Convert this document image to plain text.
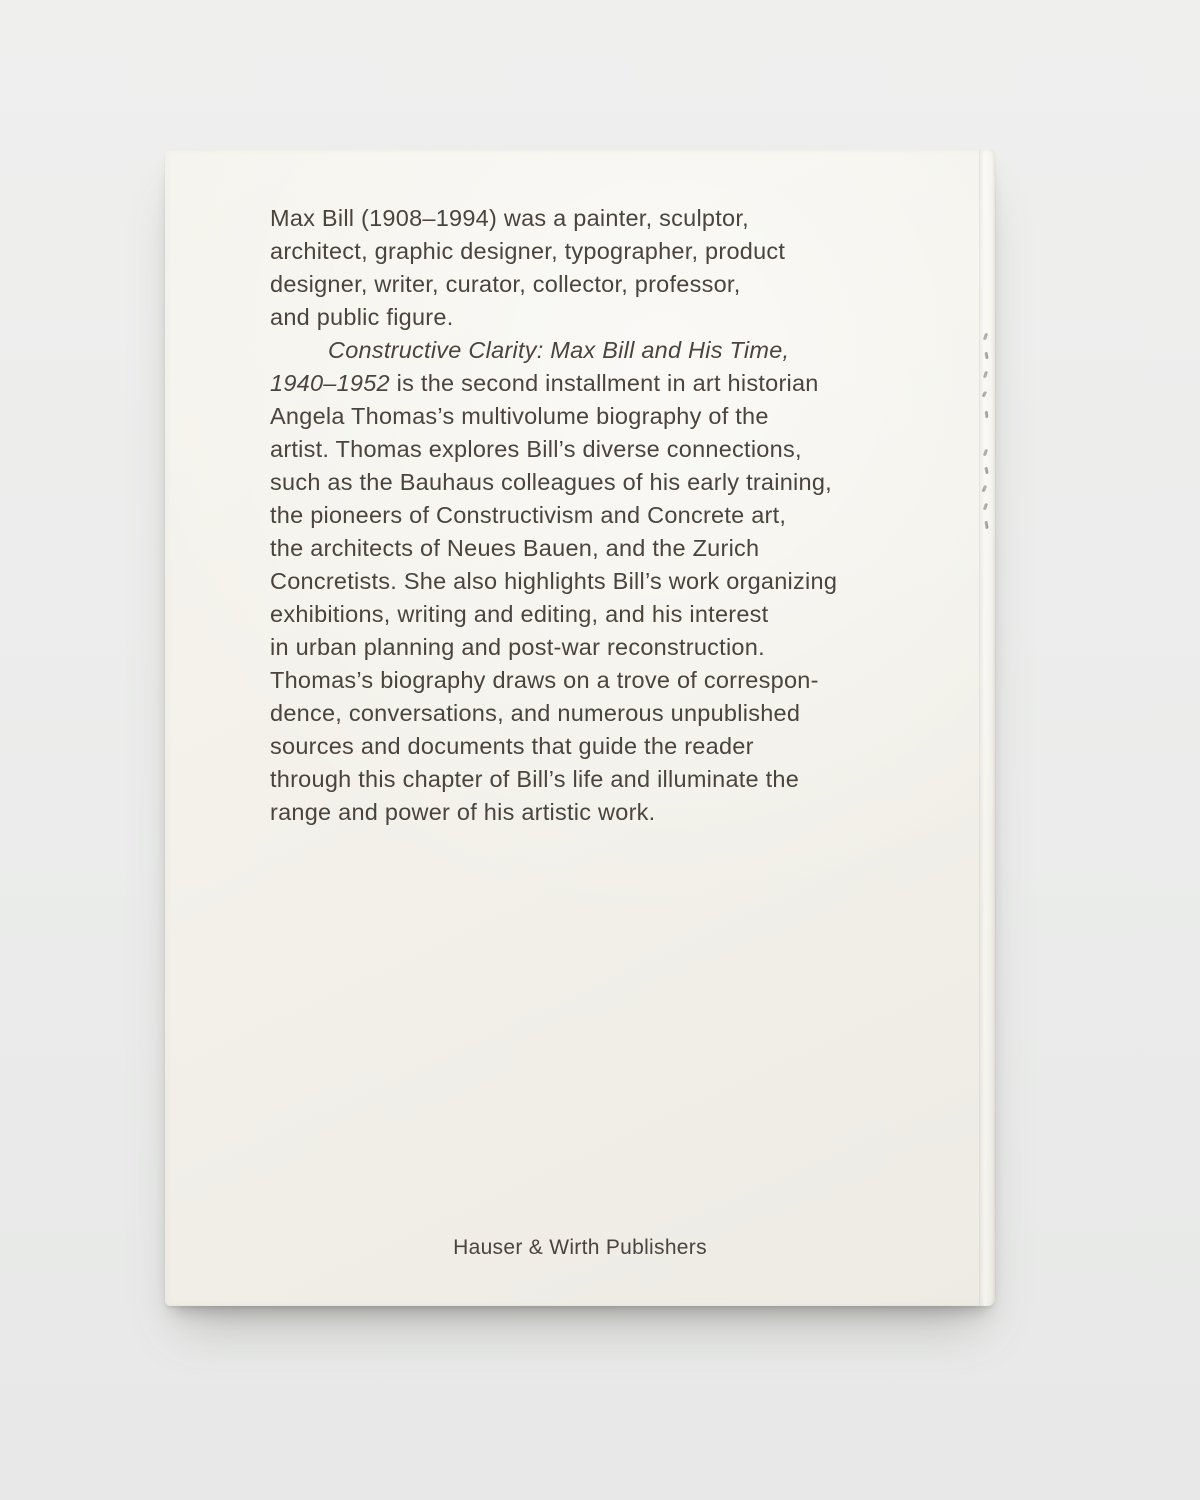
Max Bill (1908–1994) was a painter, sculptor,
architect, graphic designer, typographer, product
designer, writer, curator, collector, professor,
and public figure.
Constructive Clarity: Max Bill and His Time,
1940–1952 is the second installment in art historian
Angela Thomas’s multivolume biography of the
artist. Thomas explores Bill’s diverse connections,
such as the Bauhaus colleagues of his early training,
the pioneers of Constructivism and Concrete art,
the architects of Neues Bauen, and the Zurich
Concretists. She also highlights Bill’s work organizing
exhibitions, writing and editing, and his interest
in urban planning and post-war reconstruction.
Thomas’s biography draws on a trove of correspon-
dence, conversations, and numerous unpublished
sources and documents that guide the reader
through this chapter of Bill’s life and illuminate the
range and power of his artistic work.
Hauser & Wirth Publishers
